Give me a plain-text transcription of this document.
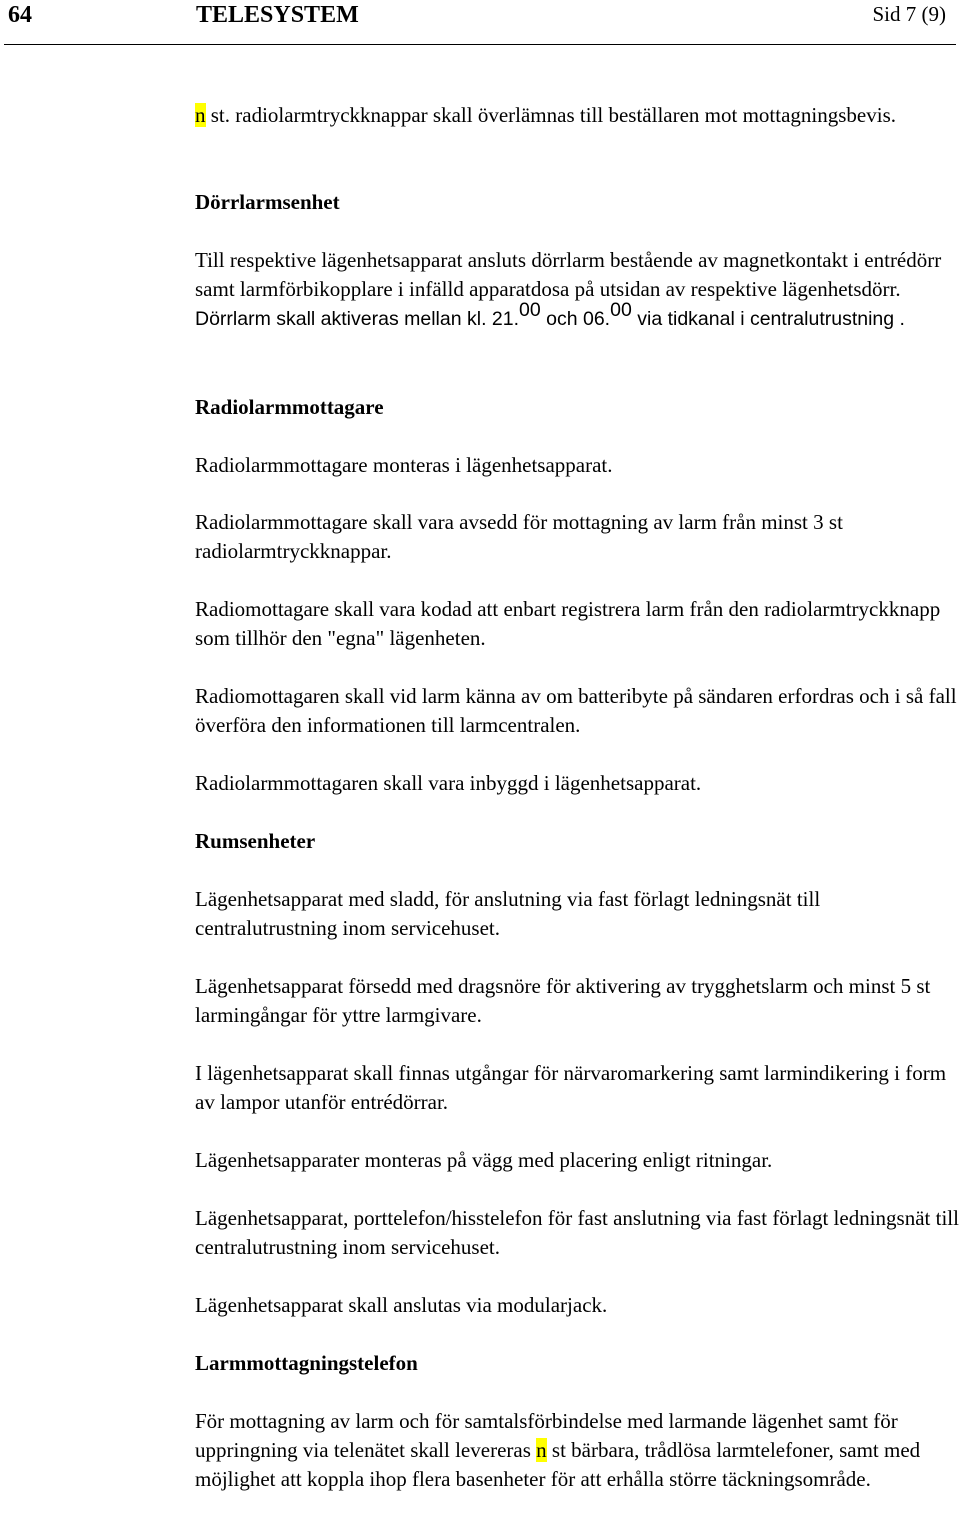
64	TELESYSTEM	Sid 7 (9)

n st. radiolarmtryckknappar skall överlämnas till beställaren mot mottagningsbevis.

Dörrlarmsenhet

Till respektive lägenhetsapparat ansluts dörrlarm bestående av magnetkontakt i entrédörr samt larmförbikopplare i infälld apparatdosa på utsidan av respektive lägenhetsdörr. Dörrlarm skall aktiveras mellan kl. 21.00 och 06.00 via tidkanal i centralutrustning .

Radiolarmmottagare

Radiolarmmottagare monteras i lägenhetsapparat.

Radiolarmmottagare skall vara avsedd för mottagning av larm från minst 3 st radiolarmtryckknappar.

Radiomottagare skall vara kodad att enbart registrera larm från den radiolarmtryckknapp som tillhör den "egna" lägenheten.

Radiomottagaren skall vid larm känna av om batteribyte på sändaren erfordras och i så fall överföra den informationen till larmcentralen.

Radiolarmmottagaren skall vara inbyggd i lägenhetsapparat.

Rumsenheter

Lägenhetsapparat med sladd, för anslutning via fast förlagt ledningsnät till centralutrustning inom servicehuset.

Lägenhetsapparat försedd med dragsnöre för aktivering av trygghetslarm och minst 5 st larmingångar för yttre larmgivare.

I lägenhetsapparat skall finnas utgångar för närvaromarkering samt larmindikering i form av lampor utanför entrédörrar.

Lägenhetsapparater monteras på vägg med placering enligt ritningar.

Lägenhetsapparat, porttelefon/hisstelefon för fast anslutning via fast förlagt ledningsnät till centralutrustning inom servicehuset.

Lägenhetsapparat skall anslutas via modularjack.

Larmmottagningstelefon

För mottagning av larm och för samtalsförbindelse med larmande lägenhet samt för uppringning via telenätet skall levereras n st bärbara, trådlösa larmtelefoner, samt med möjlighet att koppla ihop flera basenheter för att erhålla större täckningsområde.
